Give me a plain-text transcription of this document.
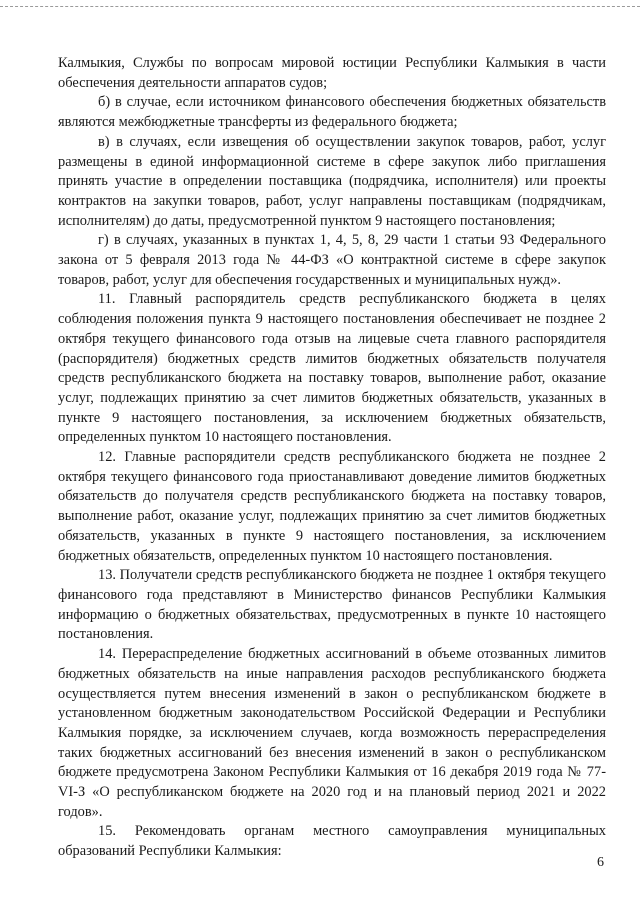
Калмыкия, Службы по вопросам мировой юстиции Республики Калмыкия в части обеспечения деятельности аппаратов судов;

б) в случае, если источником финансового обеспечения бюджетных обязательств являются межбюджетные трансферты из федерального бюджета;

в) в случаях, если извещения об осуществлении закупок товаров, работ, услуг размещены в единой информационной системе в сфере закупок либо приглашения принять участие в определении поставщика (подрядчика, исполнителя) или проекты контрактов на закупки товаров, работ, услуг направлены поставщикам (подрядчикам, исполнителям) до даты, предусмотренной пунктом 9 настоящего постановления;

г) в случаях, указанных в пунктах 1, 4, 5, 8, 29 части 1 статьи 93 Федерального закона от 5 февраля 2013 года № 44-ФЗ «О контрактной системе в сфере закупок товаров, работ, услуг для обеспечения государственных и муниципальных нужд».

11. Главный распорядитель средств республиканского бюджета в целях соблюдения положения пункта 9 настоящего постановления обеспечивает не позднее 2 октября текущего финансового года отзыв на лицевые счета главного распорядителя (распорядителя) бюджетных средств лимитов бюджетных обязательств получателя средств республиканского бюджета на поставку товаров, выполнение работ, оказание услуг, подлежащих принятию за счет лимитов бюджетных обязательств, указанных в пункте 9 настоящего постановления, за исключением бюджетных обязательств, определенных пунктом 10 настоящего постановления.

12. Главные распорядители средств республиканского бюджета не позднее 2 октября текущего финансового года приостанавливают доведение лимитов бюджетных обязательств до получателя средств республиканского бюджета на поставку товаров, выполнение работ, оказание услуг, подлежащих принятию за счет лимитов бюджетных обязательств, указанных в пункте 9 настоящего постановления, за исключением бюджетных обязательств, определенных пунктом 10 настоящего постановления.

13. Получатели средств республиканского бюджета не позднее 1 октября текущего финансового года представляют в Министерство финансов Республики Калмыкия информацию о бюджетных обязательствах, предусмотренных в пункте 10 настоящего постановления.

14. Перераспределение бюджетных ассигнований в объеме отозванных лимитов бюджетных обязательств на иные направления расходов республиканского бюджета осуществляется путем внесения изменений в закон о республиканском бюджете в установленном бюджетным законодательством Российской Федерации и Республики Калмыкия порядке, за исключением случаев, когда возможность перераспределения таких бюджетных ассигнований без внесения изменений в закон о республиканском бюджете предусмотрена Законом Республики Калмыкия от 16 декабря 2019 года № 77-VI-З «О республиканском бюджете на 2020 год и на плановый период 2021 и 2022 годов».

15. Рекомендовать органам местного самоуправления муниципальных образований Республики Калмыкия:

6
